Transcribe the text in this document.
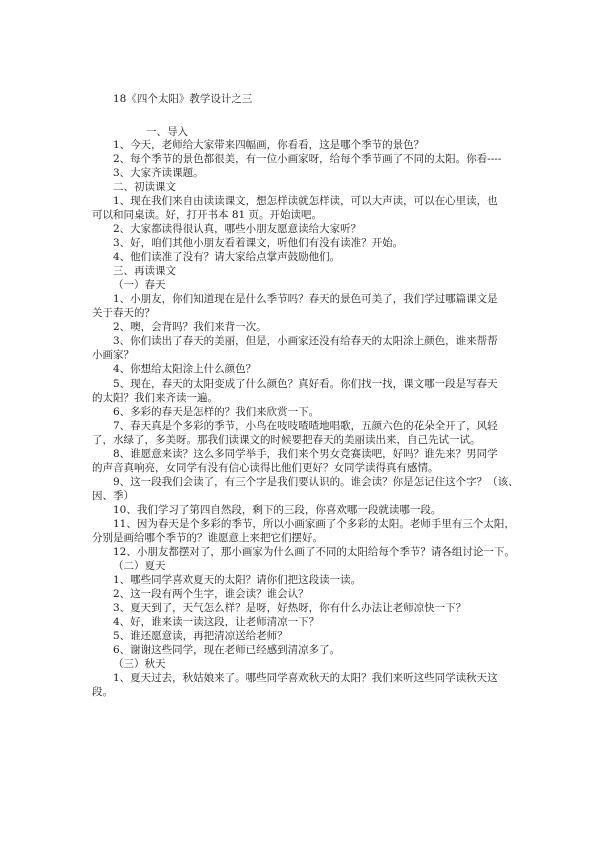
18《四个太阳》教学设计之三
一、导入
1、今天，老师给大家带来四幅画，你看看，这是哪个季节的景色？
2、每个季节的景色都很美，有一位小画家呀，给每个季节画了不同的太阳。你看----
3、大家齐读课题。
二、初读课文
1、现在我们来自由读读课文，想怎样读就怎样读，可以大声读，可以在心里读，也
可以和同桌读。好，打开书本 81 页。开始读吧。
2、大家都读得很认真，哪些小朋友愿意读给大家听？
3、好，咱们其他小朋友看着课文，听他们有没有读准？开始。
4、他们读准了没有？请大家给点掌声鼓励他们。
三、再读课文
（一）春天
1、小朋友，你们知道现在是什么季节吗？春天的景色可美了，我们学过哪篇课文是
关于春天的？
2、噢，会背吗？我们来背一次。
3、你们读出了春天的美丽，但是，小画家还没有给春天的太阳涂上颜色，谁来帮帮
小画家？
4、你想给太阳涂上什么颜色？
5、现在，春天的太阳变成了什么颜色？真好看。你们找一找，课文哪一段是写春天
的太阳？我们来齐读一遍。
6、多彩的春天是怎样的？我们来欣赏一下。
7、春天真是个多彩的季节，小鸟在吱吱喳喳地唱歌，五颜六色的花朵全开了，风轻
了，水绿了，多美呀。那我们读课文的时候要把春天的美丽读出来，自己先试一试。
8、谁愿意来读？这么多同学举手，我们来个男女竞赛读吧，好吗？谁先来？男同学
的声音真响亮，女同学有没有信心读得比他们更好？女同学读得真有感情。
9、这一段我们会读了，有三个字是我们要认识的。谁会读？你是怎记住这个字？（该、
因、季）
10、我们学习了第四自然段，剩下的三段，你喜欢哪一段就读哪一段。
11、因为春天是个多彩的季节，所以小画家画了个多彩的太阳。老师手里有三个太阳，
分别是画给哪个季节的？谁愿意上来把它们摆好。
12、小朋友都摆对了，那小画家为什么画了不同的太阳给每个季节？请各组讨论一下。
（二）夏天
1、哪些同学喜欢夏天的太阳？请你们把这段读一读。
2、这一段有两个生字，谁会读？谁会认？
3、夏天到了，天气怎么样？是呀，好热呀，你有什么办法让老师凉快一下？
4、好，谁来读一读这段，让老师清凉一下？
5、谁还愿意读，再把清凉送给老师？
6、谢谢这些同学，现在老师已经感到清凉多了。
（三）秋天
1、夏天过去，秋姑娘来了。哪些同学喜欢秋天的太阳？我们来听这些同学读秋天这
段。
